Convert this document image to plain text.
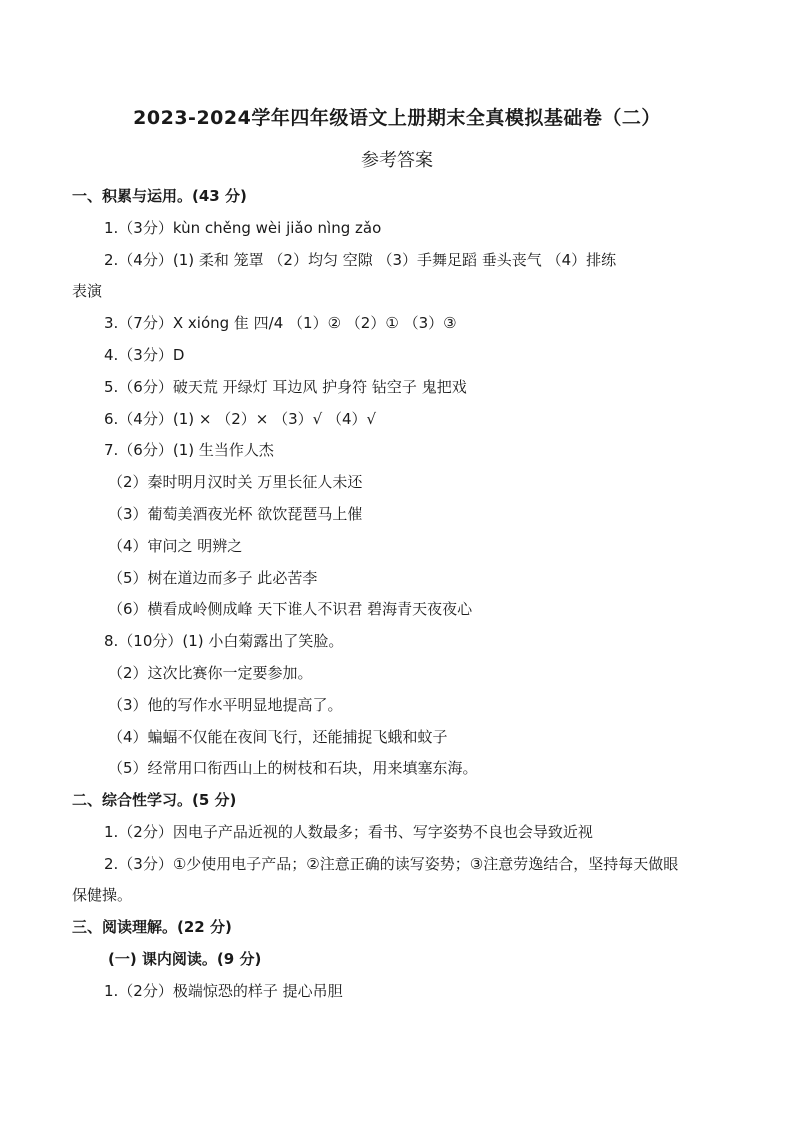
2023-2024学年四年级语文上册期末全真模拟基础卷（二）
参考答案
一、积累与运用。(43 分)
1.（3分）kùn chěng wèi jiǎo nìng zǎo
2.（4分）(1) 柔和 笼罩 （2）均匀 空隙 （3）手舞足蹈 垂头丧气 （4）排练
表演
3.（7分）X xióng 隹 四/4 （1）② （2）① （3）③
4.（3分）D
5.（6分）破天荒 开绿灯 耳边风 护身符 钻空子 鬼把戏
6.（4分）(1) × （2）× （3）√ （4）√
7.（6分）(1) 生当作人杰
（2）秦时明月汉时关 万里长征人未还
（3）葡萄美酒夜光杯 欲饮琵琶马上催
（4）审问之 明辨之
（5）树在道边而多子 此必苦李
（6）横看成岭侧成峰 天下谁人不识君 碧海青天夜夜心
8.（10分）(1) 小白菊露出了笑脸。
（2）这次比赛你一定要参加。
（3）他的写作水平明显地提高了。
（4）蝙蝠不仅能在夜间飞行，还能捕捉飞蛾和蚊子
（5）经常用口衔西山上的树枝和石块，用来填塞东海。
二、综合性学习。(5 分)
1.（2分）因电子产品近视的人数最多；看书、写字姿势不良也会导致近视
2.（3分）①少使用电子产品；②注意正确的读写姿势；③注意劳逸结合，坚持每天做眼
保健操。
三、阅读理解。(22 分)
(一) 课内阅读。(9 分)
1.（2分）极端惊恐的样子 提心吊胆
